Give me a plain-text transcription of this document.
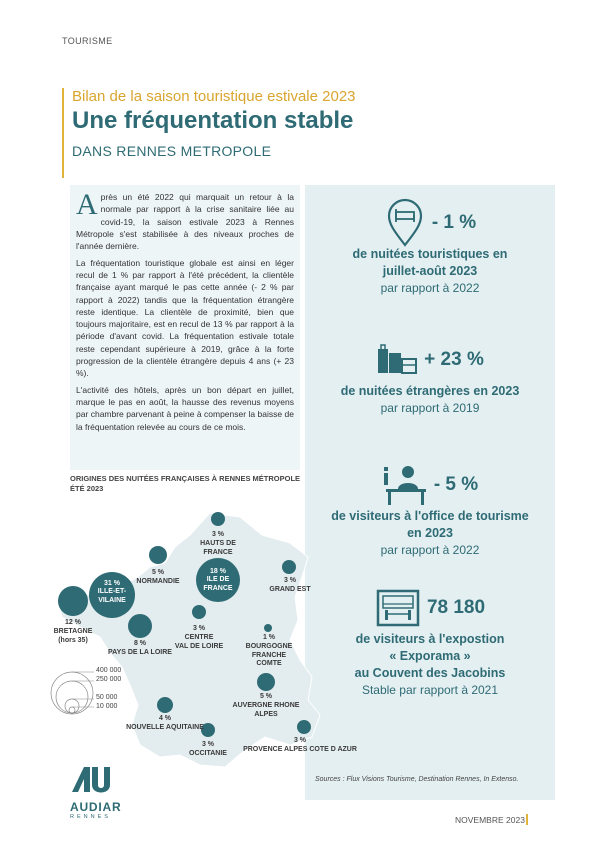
TOURISME
Bilan de la saison touristique estivale 2023
Une fréquentation stable
DANS RENNES METROPOLE

Après un été 2022 qui marquait un retour à la normale par rapport à la crise sanitaire liée au covid-19, la saison estivale 2023 à Rennes Métropole s'est stabilisée à des niveaux proches de l'année dernière.

La fréquentation touristique globale est ainsi en léger recul de 1 % par rapport à l'été précédent, la clientèle française ayant marqué le pas cette année (- 2 % par rapport à 2022) tandis que la fréquentation étrangère reste identique. La clientèle de proximité, bien que toujours majoritaire, est en recul de 13 % par rapport à la période d'avant covid. La fréquentation estivale totale reste cependant supérieure à 2019, grâce à la forte progression de la clientèle étrangère depuis 4 ans (+ 23 %).

L'activité des hôtels, après un bon départ en juillet, marque le pas en août, la hausse des revenus moyens par chambre parvenant à peine à compenser la baisse de la fréquentation relevée au cours de ce mois.

- 1 %
de nuitées touristiques en
juillet-août 2023
par rapport à 2022
+ 23 %
de nuitées étrangères en 2023
par rapport à 2019
- 5 %
de visiteurs à l'office de tourisme
en 2023
par rapport à 2022
78 180
de visiteurs à l'expostion
« Exporama »
au Couvent des Jacobins
Stable par rapport à 2021
ORIGINES DES NUITÉES FRANÇAISES À RENNES MÉTROPOLE
ÉTÉ 2023
3 %
HAUTS DE FRANCE
5 %
NORMANDIE
18 %
ILE DE FRANCE
3 %
GRAND EST
31 %
ILLE-ET-VILAINE
12 %
BRETAGNE
(hors 35)	8 %
PAYS DE LA LOIRE
3 %
CENTRE
VAL DE LOIRE
1 %
BOURGOGNE
FRANCHE
COMTE
5 %
AUVERGNE RHONE ALPES
4 %
NOUVELLE AQUITAINE
3 %
OCCITANIE
3 %
PROVENCE ALPES COTE D AZUR
400 000
250 000
50 000
10 000
Sources : Flux Visions Tourisme, Destination Rennes, In Extenso.
AUDIAR
RENNES	NOVEMBRE 2023
